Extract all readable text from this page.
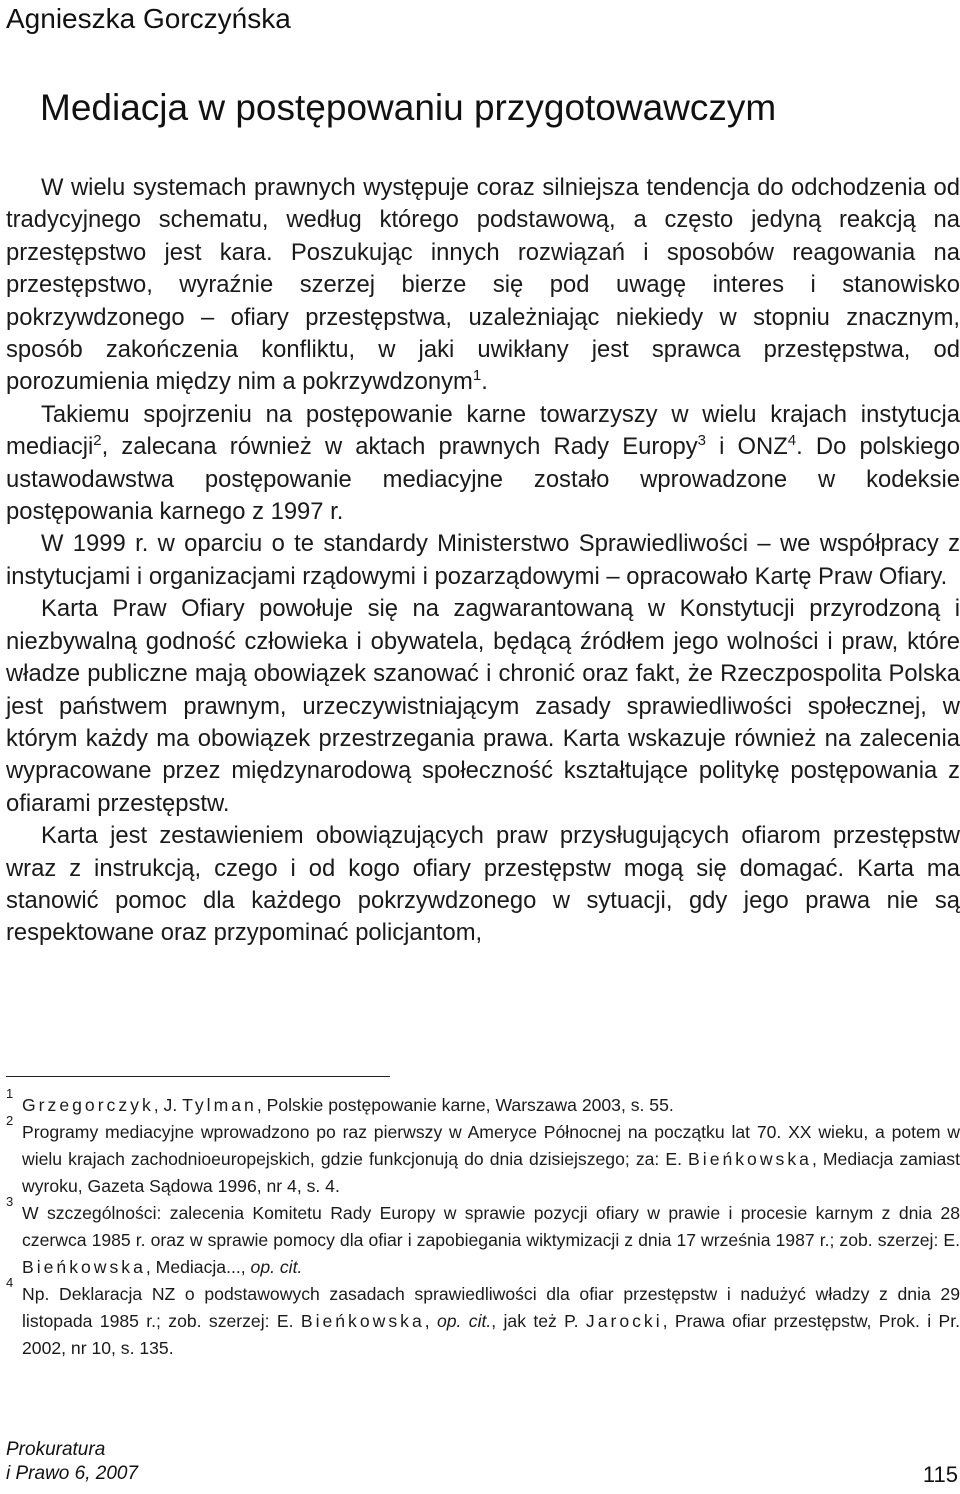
Agnieszka Gorczyńska
Mediacja w postępowaniu przygotowawczym

W wielu systemach prawnych występuje coraz silniejsza tendencja do odchodzenia od tradycyjnego schematu, według którego podstawową, a często jedyną reakcją na przestępstwo jest kara. Poszukując innych rozwiązań i sposobów reagowania na przestępstwo, wyraźnie szerzej bierze się pod uwagę interes i stanowisko pokrzywdzonego – ofiary przestępstwa, uzależniając niekiedy w stopniu znacznym, sposób zakończenia konfliktu, w jaki uwikłany jest sprawca przestępstwa, od porozumienia między nim a pokrzywdzonym$^1$.

Takiemu spojrzeniu na postępowanie karne towarzyszy w wielu krajach instytucja mediacji$^2$, zalecana również w aktach prawnych Rady Europy$^3$ i ONZ$^4$. Do polskiego ustawodawstwa postępowanie mediacyjne zostało wprowadzone w kodeksie postępowania karnego z 1997 r.

W 1999 r. w oparciu o te standardy Ministerstwo Sprawiedliwości – we współpracy z instytucjami i organizacjami rządowymi i pozarządowymi – opracowało Kartę Praw Ofiary.

Karta Praw Ofiary powołuje się na zagwarantowaną w Konstytucji przyrodzoną i niezbywalną godność człowieka i obywatela, będącą źródłem jego wolności i praw, które władze publiczne mają obowiązek szanować i chronić oraz fakt, że Rzeczpospolita Polska jest państwem prawnym, urzeczywistniającym zasady sprawiedliwości społecznej, w którym każdy ma obowiązek przestrzegania prawa. Karta wskazuje również na zalecenia wypracowane przez międzynarodową społeczność kształtujące politykę postępowania z ofiarami przestępstw.

Karta jest zestawieniem obowiązujących praw przysługujących ofiarom przestępstw wraz z instrukcją, czego i od kogo ofiary przestępstw mogą się domagać. Karta ma stanowić pomoc dla każdego pokrzywdzonego w sytuacji, gdy jego prawa nie są respektowane oraz przypominać policjantom,

1
Grzegorczyk, J. Tylman, Polskie postępowanie karne, Warszawa 2003, s. 55.
2
Programy mediacyjne wprowadzono po raz pierwszy w Ameryce Północnej na początku lat 70. XX wieku, a potem w wielu krajach zachodnioeuropejskich, gdzie funkcjonują do dnia dzisiejszego; za: E. Bieńkowska, Mediacja zamiast wyroku, Gazeta Sądowa 1996, nr 4, s. 4.
3
W szczególności: zalecenia Komitetu Rady Europy w sprawie pozycji ofiary w prawie i procesie karnym z dnia 28 czerwca 1985 r. oraz w sprawie pomocy dla ofiar i zapobiegania wiktymizacji z dnia 17 września 1987 r.; zob. szerzej: E. Bieńkowska, Mediacja..., op. cit.
4
Np. Deklaracja NZ o podstawowych zasadach sprawiedliwości dla ofiar przestępstw i nadużyć władzy z dnia 29 listopada 1985 r.; zob. szerzej: E. Bieńkowska, op. cit., jak też P. Jarocki, Prawa ofiar przestępstw, Prok. i Pr. 2002, nr 10, s. 135.
Prokuratura
i Prawo 6, 2007	115
